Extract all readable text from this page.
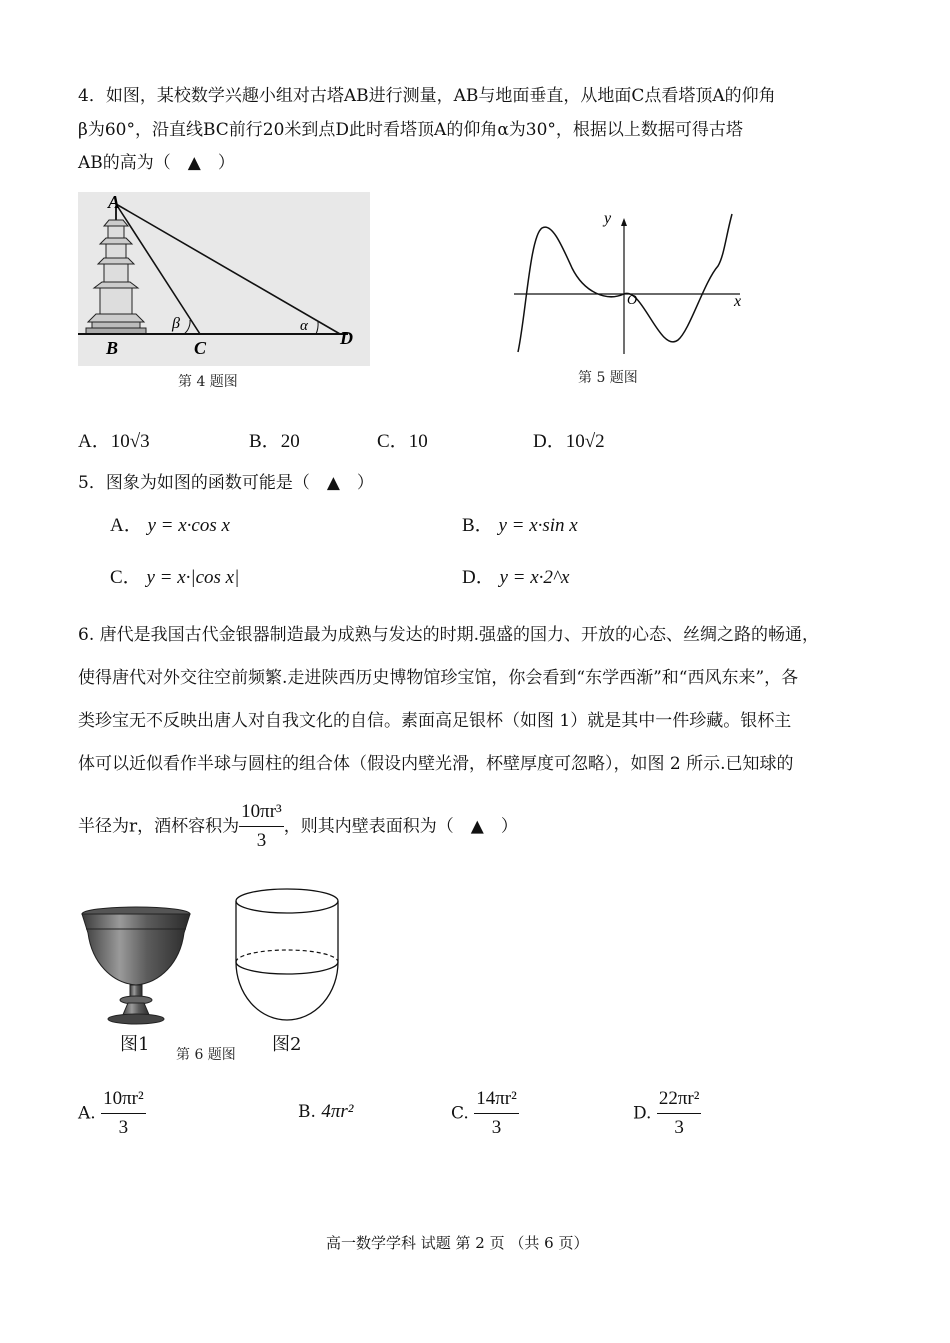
4．如图，某校数学兴趣小组对古塔AB进行测量，AB与地面垂直，从地面C点看塔顶A的仰角
β为60°，沿直线BC前行20米到点D此时看塔顶A的仰角α为30°，根据以上数据可得古塔
AB的高为（　▲　）
A
B	C	D
β	α
第 4 题图
y
O	x
第 5 题图
A．10√3	B．20	C．10	D．10√2
5．图象为如图的函数可能是（　▲　）
A． y = x·cos x	B． y = x·sin x
C． y = x·|cos x|	D． y = x·2^x
6. 唐代是我国古代金银器制造最为成熟与发达的时期.强盛的国力、开放的心态、丝绸之路的畅通，
使得唐代对外交往空前频繁.走进陕西历史博物馆珍宝馆，你会看到“东学西渐”和“西风东来”，各
类珍宝无不反映出唐人对自我文化的自信。素面高足银杯（如图 1）就是其中一件珍藏。银杯主
体可以近似看作半球与圆柱的组合体（假设内壁光滑，杯壁厚度可忽略），如图 2 所示.已知球的
半径为r，酒杯容积为 $\frac{\text{10πr³}}{3}$ ，则其内壁表面积为（　▲　）
图1	图2
第 6 题图
A. $\frac{\text{10πr²}}{3}$	B. 4πr²	C. $\frac{\text{14πr²}}{3}$	D. $\frac{\text{22πr²}}{3}$
高一数学学科 试题 第 2 页 （共 6 页）
